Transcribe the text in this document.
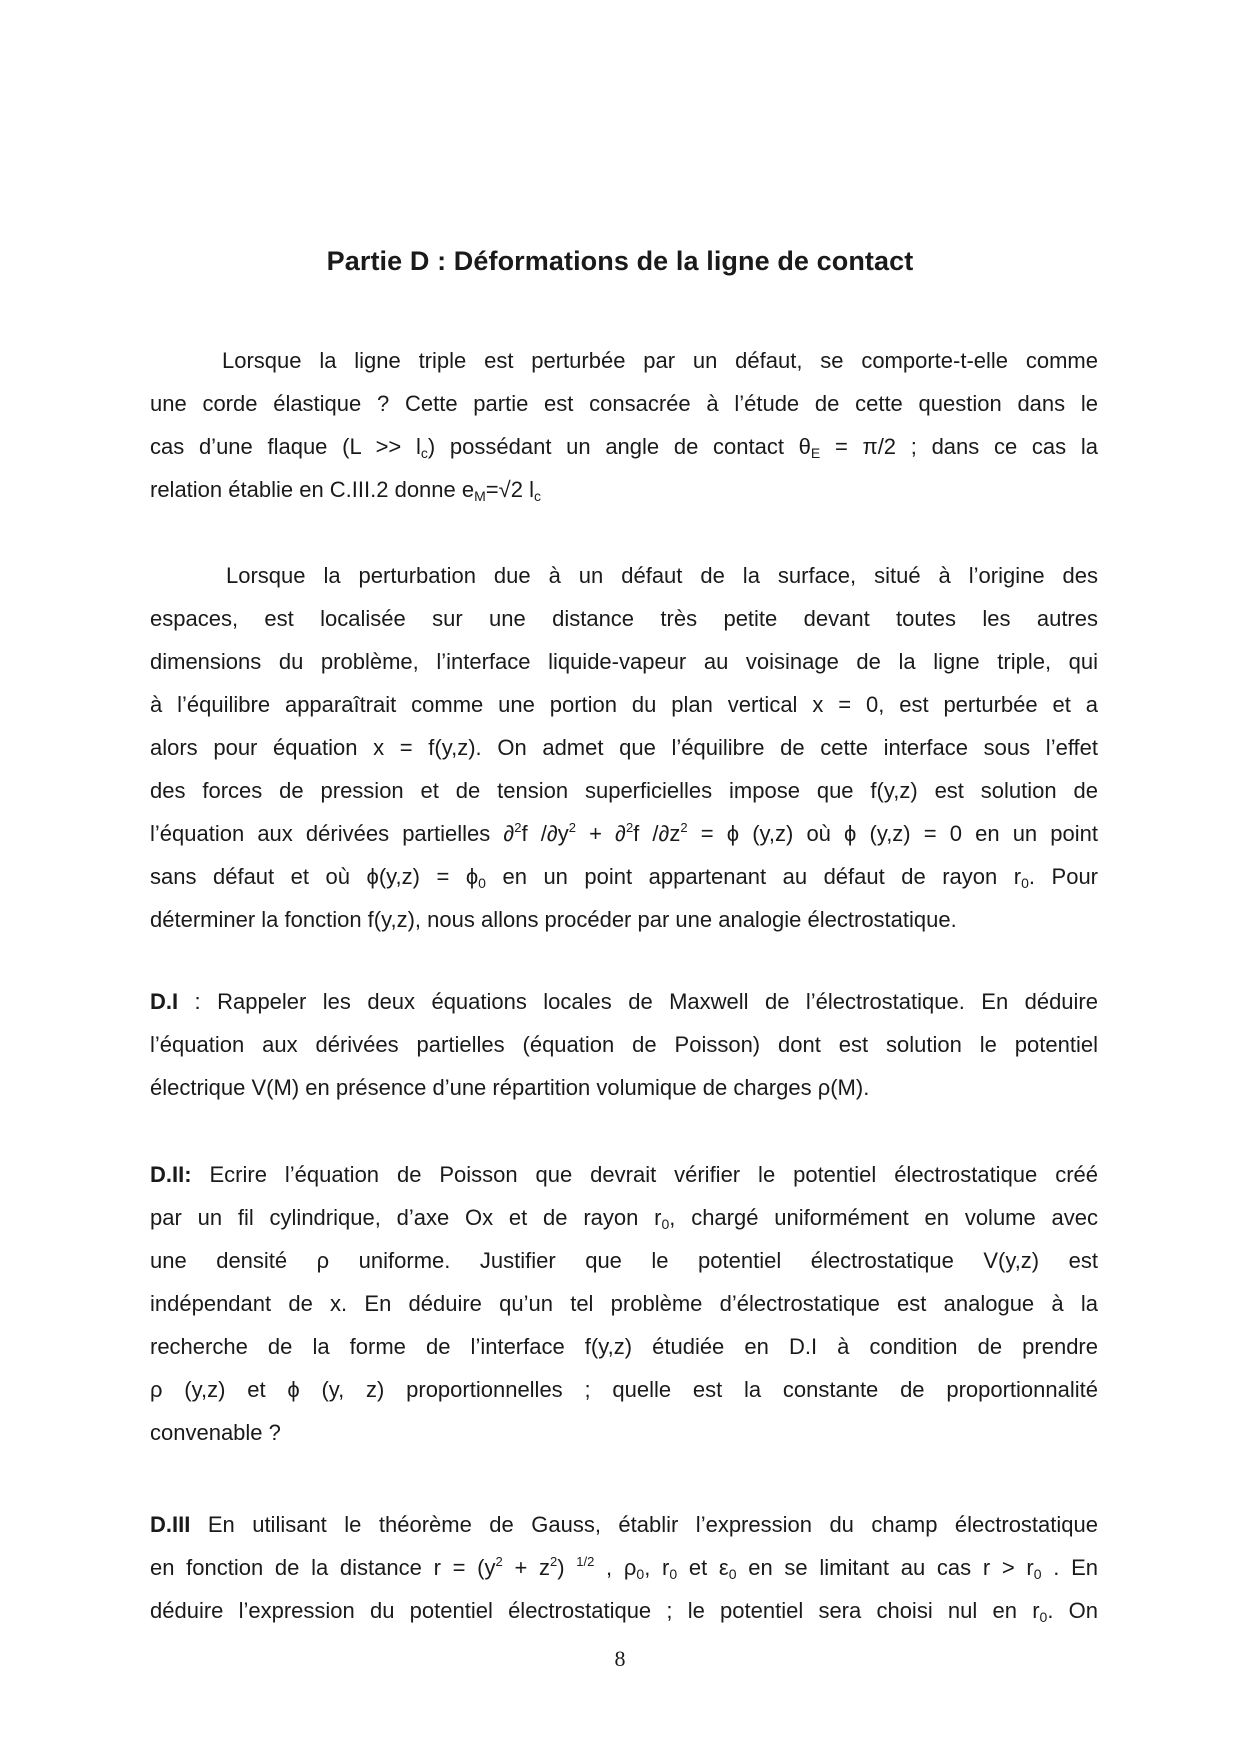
Partie D : Déformations de la ligne de contact
Lorsque la ligne triple est perturbée par un défaut, se comporte-t-elle comme
une corde élastique ? Cette partie est consacrée à l’étude de cette question dans le
cas d’une flaque $(L >> l_c)$ possédant un angle de contact $\theta_E = \pi/2$ ; dans ce cas la
relation établie en C.III.2 donne $e_M=√2$ $l_c$
Lorsque la perturbation due à un défaut de la surface, situé à l’origine des
espaces, est localisée sur une distance très petite devant toutes les autres
dimensions du problème, l’interface liquide-vapeur au voisinage de la ligne triple, qui
à l’équilibre apparaîtrait comme une portion du plan vertical x = 0, est perturbée et a
alors pour équation x = f(y,z). On admet que l’équilibre de cette interface sous l’effet
des forces de pression et de tension superficielles impose que f(y,z) est solution de
l’équation aux dérivées partielles ∂$^2$f $/\partial y^2 + \partial^2f$ $/\partial z^2 = \phi$ (y,z) où ϕ (y,z) = 0 en un point
sans défaut et où $\phi(y,z) = \phi_0$ en un point appartenant au défaut de rayon $r_0$. Pour
déterminer la fonction f(y,z), nous allons procéder par une analogie électrostatique.
D.I : Rappeler les deux équations locales de Maxwell de l’électrostatique. En déduire
l’équation aux dérivées partielles (équation de Poisson) dont est solution le potentiel
électrique V(M) en présence d’une répartition volumique de charges ρ(M).
D.II: Ecrire l’équation de Poisson que devrait vérifier le potentiel électrostatique créé
par un fil cylindrique, d’axe Ox et de rayon $r_0$, chargé uniformément en volume avec
une densité ρ uniforme. Justifier que le potentiel électrostatique V(y,z) est
indépendant de x. En déduire qu’un tel problème d’électrostatique est analogue à la
recherche de la forme de l’interface f(y,z) étudiée en D.I à condition de prendre
ρ (y,z) et ϕ (y, z) proportionnelles ; quelle est la constante de proportionnalité
convenable ?
D.III En utilisant le théorème de Gauss, établir l’expression du champ électrostatique
en fonction de la distance $r = (y^2 + z^2)$ $^{1/2}$ , $\rho_0$, $r_0$ et $\varepsilon_0$ en se limitant au cas $r > r_0$ . En
déduire l’expression du potentiel électrostatique ; le potentiel sera choisi nul en $r_0$. On
8
